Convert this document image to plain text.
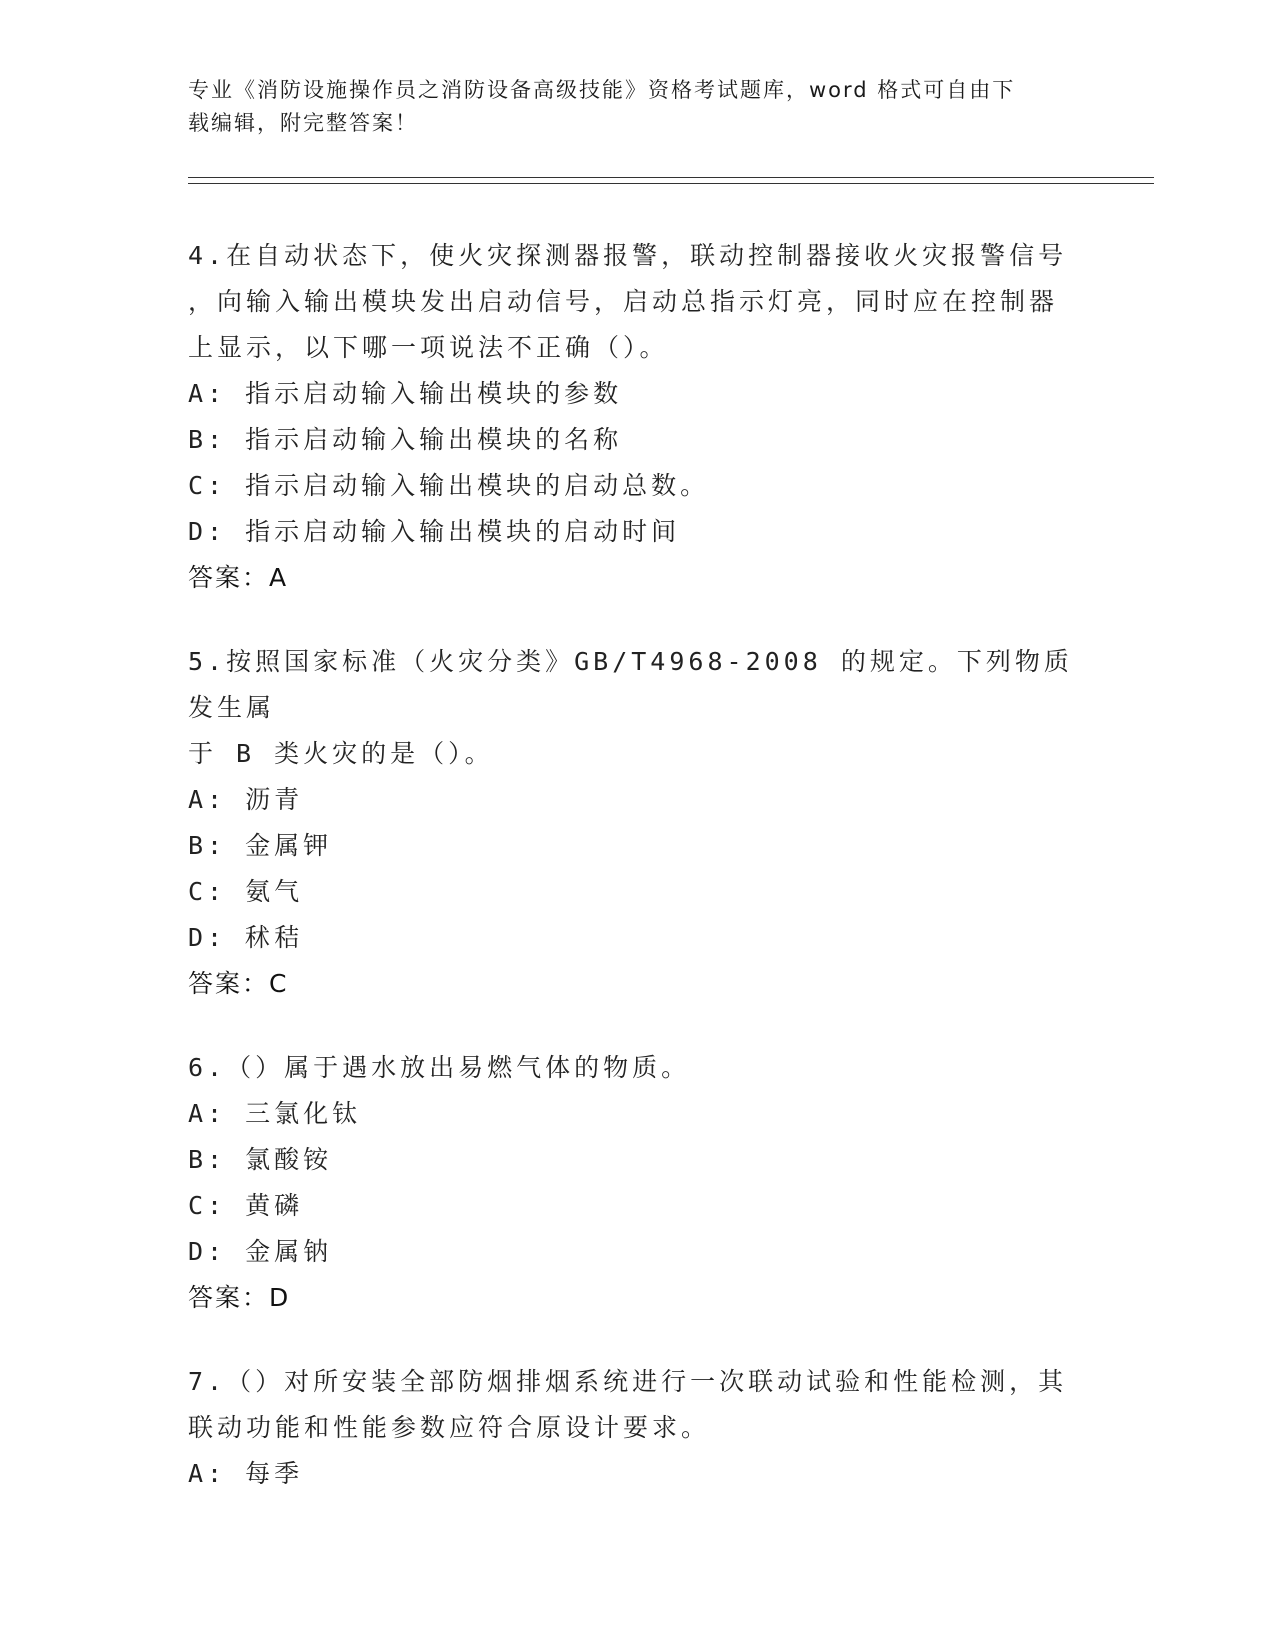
专业《消防设施操作员之消防设备高级技能》资格考试题库，word 格式可自由下
载编辑，附完整答案！
4.在自动状态下，使火灾探测器报警，联动控制器接收火灾报警信号
，向输入输出模块发出启动信号，启动总指示灯亮，同时应在控制器
上显示，以下哪一项说法不正确（）。
A: 指示启动输入输出模块的参数
B: 指示启动输入输出模块的名称
C: 指示启动输入输出模块的启动总数。
D: 指示启动输入输出模块的启动时间
答案：A
5.按照国家标准（火灾分类》GB/T4968-2008 的规定。下列物质发生属
于 B 类火灾的是（）。
A: 沥青
B: 金属钾
C: 氨气
D: 秫秸
答案：C
6.（）属于遇水放出易燃气体的物质。
A: 三氯化钛
B: 氯酸铵
C: 黄磷
D: 金属钠
答案：D
7.（）对所安装全部防烟排烟系统进行一次联动试验和性能检测，其
联动功能和性能参数应符合原设计要求。
A: 每季
